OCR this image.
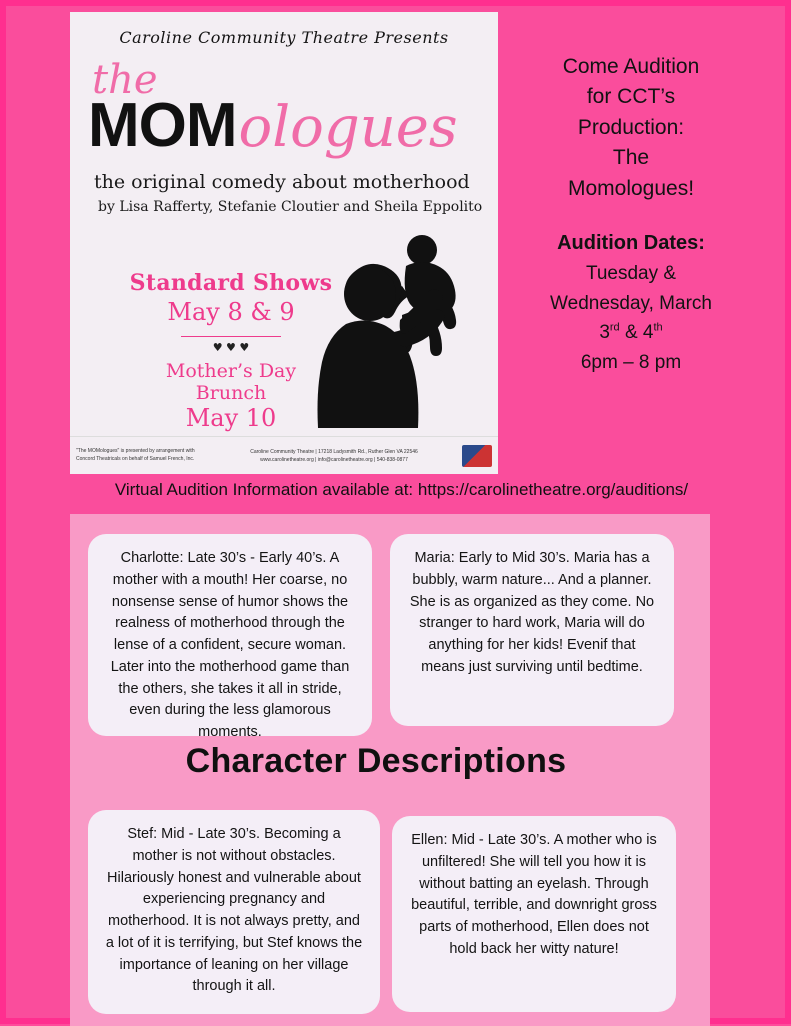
Caroline Community Theatre Presents
the
MOM ologues
the original comedy about motherhood
by Lisa Rafferty, Stefanie Cloutier and Sheila Eppolito
Standard Shows
May 8 & 9
♥ ♥ ♥
Mother’s Day
Brunch
May 10
"The MOMologues" is presented by arrangement with Concord Theatricals on behalf of Samuel French, Inc.
Caroline Community Theatre | 17218 Ladysmith Rd., Ruther Glen VA 22546
www.carolinetheatre.org | info@carolinetheatre.org | 540-838-0877
Come Audition
for CCT’s
Production:
The
Momologues!
Audition Dates:
Tuesday &
Wednesday, March
3rd & 4th
6pm – 8 pm
Virtual Audition Information available at: https://carolinetheatre.org/auditions/
Charlotte: Late 30’s - Early 40’s. A mother with a mouth! Her coarse, no nonsense sense of humor shows the realness of motherhood through the lense of a confident, secure woman. Later into the motherhood game than the others, she takes it all in stride, even during the less glamorous moments.
Maria: Early to Mid 30’s. Maria has a bubbly, warm nature... And a planner. She is as organized as they come. No stranger to hard work, Maria will do anything for her kids! Evenif that means just surviving until bedtime.
Character Descriptions
Stef: Mid - Late 30’s. Becoming a mother is not without obstacles. Hilariously honest and vulnerable about experiencing pregnancy and motherhood. It is not always pretty, and a lot of it is terrifying, but Stef knows the importance of leaning on her village through it all.
Ellen: Mid - Late 30’s. A mother who is unfiltered! She will tell you how it is without batting an eyelash. Through beautiful, terrible, and downright gross parts of motherhood, Ellen does not hold back her witty nature!
